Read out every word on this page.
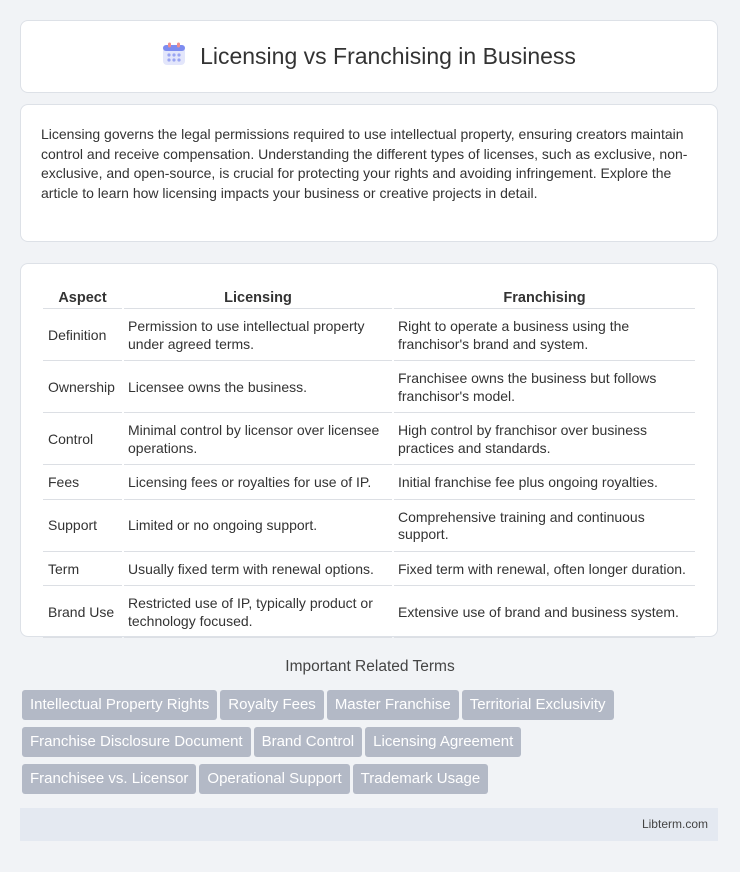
Licensing vs Franchising in Business

Licensing governs the legal permissions required to use intellectual property, ensuring creators maintain control and receive compensation. Understanding the different types of licenses, such as exclusive, non-exclusive, and open-source, is crucial for protecting your rights and avoiding infringement. Explore the article to learn how licensing impacts your business or creative projects in detail.

Aspect	Licensing	Franchising
Definition	Permission to use intellectual property under agreed terms.	Right to operate a business using the franchisor's brand and system.
Ownership	Licensee owns the business.	Franchisee owns the business but follows franchisor's model.
Control	Minimal control by licensor over licensee operations.	High control by franchisor over business practices and standards.
Fees	Licensing fees or royalties for use of IP.	Initial franchise fee plus ongoing royalties.
Support	Limited or no ongoing support.	Comprehensive training and continuous support.
Term	Usually fixed term with renewal options.	Fixed term with renewal, often longer duration.
Brand Use	Restricted use of IP, typically product or technology focused.	Extensive use of brand and business system.
Important Related Terms
Intellectual Property Rights Royalty Fees Master Franchise Territorial Exclusivity
Franchise Disclosure Document Brand Control Licensing Agreement
Franchisee vs. Licensor Operational Support Trademark Usage
Libterm.com
